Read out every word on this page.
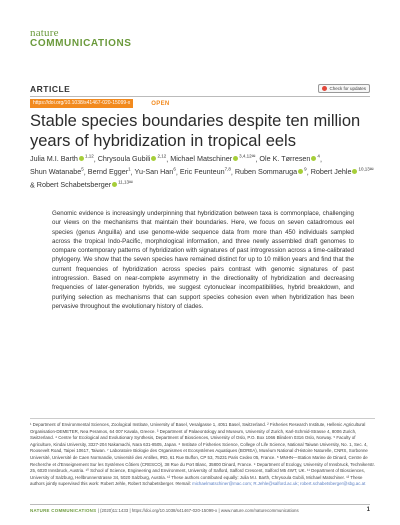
nature
COMMUNICATIONS
ARTICLE	Check for updates
https://doi.org/10.1038/s41467-020-15099-x	OPEN
Stable species boundaries despite ten million years of hybridization in tropical eels
Julia M.I. Barth $^{1,12}$, Chrysoula Gubili $^{2,12}$, Michael Matschiner $^{3,4,12✉}$, Ole K. Tørresen $^4$, Shun Watanabe$^5$, Bernd Egger$^1$, Yu-San Han$^6$, Eric Feunteun$^{7,8}$, Ruben Sommaruga $^9$, Robert Jehle $^{10,13✉}$ & Robert Schabetsberger $^{11,13✉}$
Genomic evidence is increasingly underpinning that hybridization between taxa is commonplace, challenging our views on the mechanisms that maintain their boundaries. Here, we focus on seven catadromous eel species (genus Anguilla) and use genome-wide sequence data from more than 450 individuals sampled across the tropical Indo-Pacific, morphological information, and three newly assembled draft genomes to compare contemporary patterns of hybridization with signatures of past introgression across a time-calibrated phylogeny. We show that the seven species have remained distinct for up to 10 million years and find that the current frequencies of hybridization across species pairs contrast with genomic signatures of past introgression. Based on near-complete asymmetry in the directionality of hybridization and decreasing frequencies of later-generation hybrids, we suggest cytonuclear incompatibilities, hybrid breakdown, and purifying selection as mechanisms that can support species cohesion even when hybridization has been pervasive throughout the evolutionary history of clades.
¹ Department of Environmental Sciences, Zoological Institute, University of Basel, Vesalgasse 1, 4051 Basel, Switzerland. ² Fisheries Research Institute, Hellenic Agricultural Organisation-DEMETER, Nea Peramos, 64 007 Kavala, Greece. ³ Department of Palaeontology and Museum, University of Zurich, Karl-Schmid-Strasse 4, 8006 Zurich, Switzerland. ⁴ Centre for Ecological and Evolutionary Synthesis, Department of Biosciences, University of Oslo, P.O. Box 1066 Blindern 0316 Oslo, Norway. ⁵ Faculty of Agriculture, Kindai University, 3327-204 Nakamachi, Nara 631-8505, Japan. ⁶ Institute of Fisheries Science, College of Life Science, National Taiwan University, No. 1, Sec. 4, Roosevelt Road, Taipei 10617, Taiwan. ⁷ Laboratoire Biologie des Organismes et Ecosystèmes Aquatiques (BOREA), Muséum National d'Histoire Naturelle, CNRS, Sorbonne Université, Université de Caen Normandie, Université des Antilles, IRD, 61 Rue Buffon, CP 53, 75231 Paris Cedex 05, France. ⁸ MNHN—Station Marine de Dinard, Centre de Recherche et d'Enseignement Sur les Systèmes Côtiers (CRESCO), 38 Rue du Port Blanc, 35800 Dinard, France. ⁹ Department of Ecology, University of Innsbruck, Technikerstr. 25, 6020 Innsbruck, Austria. ¹⁰ School of Science, Engineering and Environment, University of Salford, Salford Crescent, Salford M5 4WT, UK. ¹¹ Department of Biosciences, University of Salzburg, Hellbrunnerstrasse 34, 5020 Salzburg, Austria. ¹² These authors contributed equally: Julia M.I. Barth, Chrysoula Gubili, Michael Matschiner. ¹³ These authors jointly supervised this work: Robert Jehle, Robert Schabetsberger. ✉email: michaelmatschiner@mac.com; R.Jehle@salford.ac.uk; robert.schabetsberger@sbg.ac.at
NATURE COMMUNICATIONS | (2020)11:1433 | https://doi.org/10.1038/s41467-020-15099-x | www.nature.com/naturecommunications	1
